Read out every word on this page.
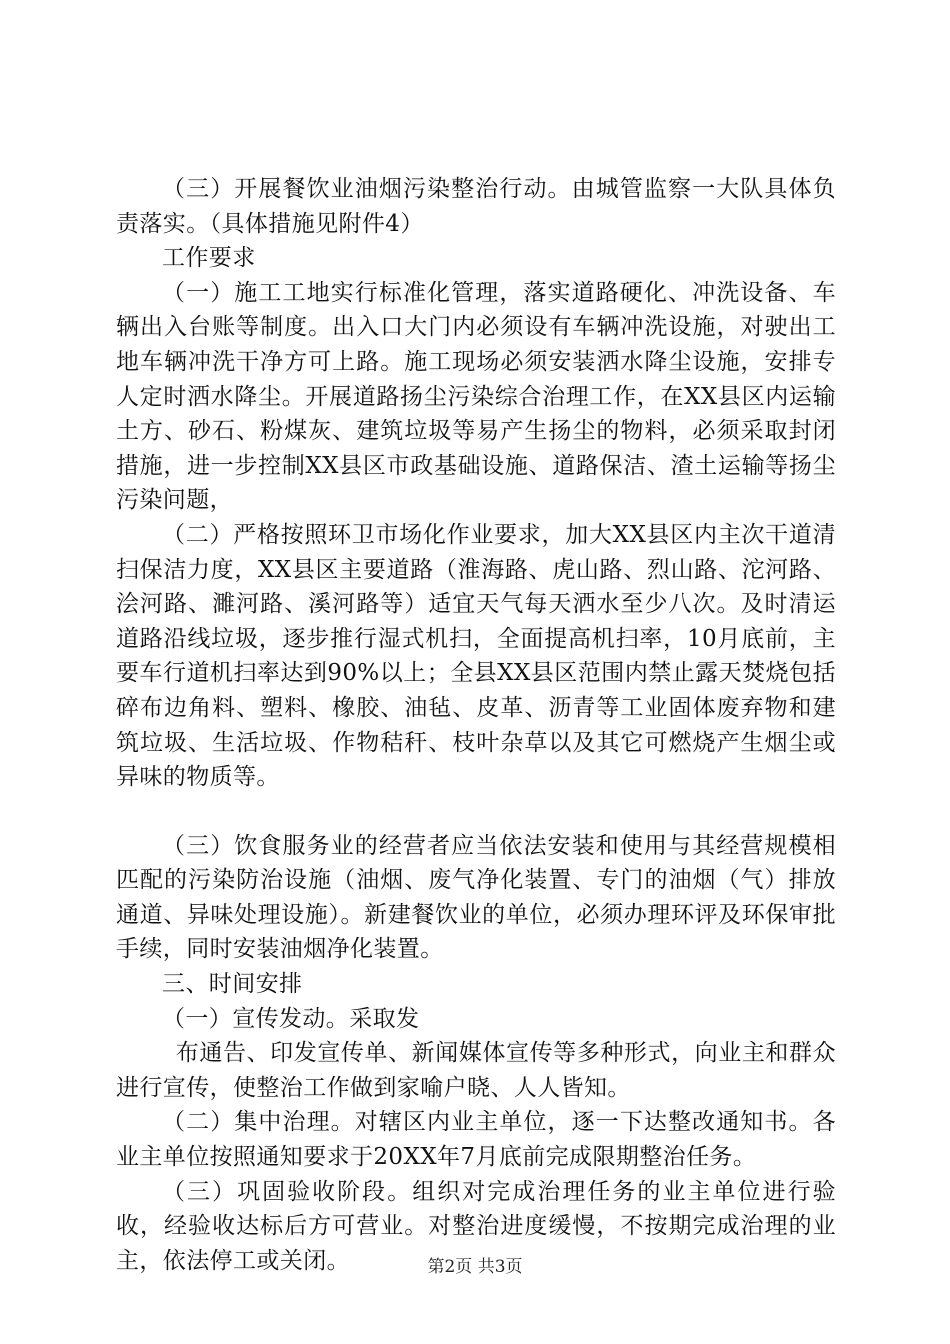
（三）开展餐饮业油烟污染整治行动。由城管监察一大队具体负责落实。（具体措施见附件4）

工作要求

（一）施工工地实行标准化管理，落实道路硬化、冲洗设备、车辆出入台账等制度。出入口大门内必须设有车辆冲洗设施，对驶出工地车辆冲洗干净方可上路。施工现场必须安装洒水降尘设施，安排专人定时洒水降尘。开展道路扬尘污染综合治理工作，在XX县区内运输土方、砂石、粉煤灰、建筑垃圾等易产生扬尘的物料，必须采取封闭措施，进一步控制XX县区市政基础设施、道路保洁、渣土运输等扬尘污染问题，

（二）严格按照环卫市场化作业要求，加大XX县区内主次干道清扫保洁力度，XX县区主要道路（淮海路、虎山路、烈山路、沱河路、浍河路、濉河路、溪河路等）适宜天气每天洒水至少八次。及时清运道路沿线垃圾，逐步推行湿式机扫，全面提高机扫率，10月底前，主要车行道机扫率达到90%以上；全县XX县区范围内禁止露天焚烧包括碎布边角料、塑料、橡胶、油毡、皮革、沥青等工业固体废弃物和建筑垃圾、生活垃圾、作物秸秆、枝叶杂草以及其它可燃烧产生烟尘或异味的物质等。

（三）饮食服务业的经营者应当依法安装和使用与其经营规模相匹配的污染防治设施（油烟、废气净化装置、专门的油烟（气）排放通道、异味处理设施）。新建餐饮业的单位，必须办理环评及环保审批手续，同时安装油烟净化装置。

三、时间安排

（一）宣传发动。采取发

布通告、印发宣传单、新闻媒体宣传等多种形式，向业主和群众进行宣传，使整治工作做到家喻户晓、人人皆知。

（二）集中治理。对辖区内业主单位，逐一下达整改通知书。各业主单位按照通知要求于20XX年7月底前完成限期整治任务。

（三）巩固验收阶段。组织对完成治理任务的业主单位进行验收，经验收达标后方可营业。对整治进度缓慢，不按期完成治理的业主，依法停工或关闭。	第2页 共3页
